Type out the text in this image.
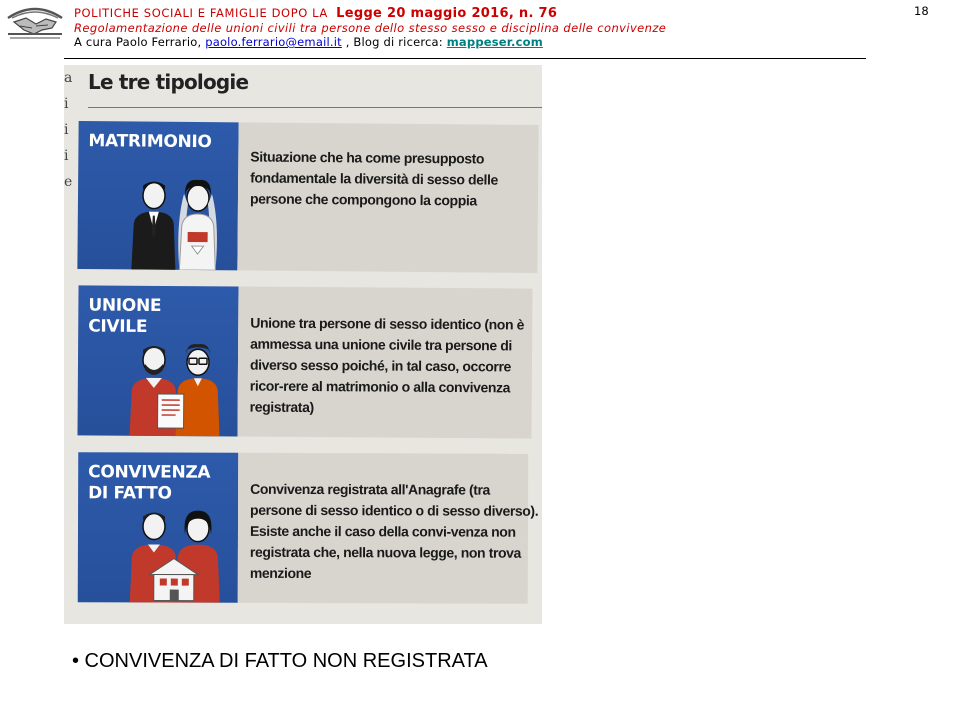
POLITICHE SOCIALI E FAMIGLIE DOPO LA Legge 20 maggio 2016, n. 76
Regolamentazione delle unioni civili tra persone dello stesso sesso e disciplina delle convivenze
A cura Paolo Ferrario, paolo.ferrario@email.it , Blog di ricerca: mappeser.com
18
a
i
i
i
e
Le tre tipologie
MATRIMONIO
Situazione che ha come presupposto fondamentale la diversità di sesso delle persone che compongono la coppia
UNIONE
CIVILE	Unione tra persone di sesso identico (non è ammessa una unione civile tra persone di diverso sesso poiché, in tal caso, occorre ricor-rere al matrimonio o alla convivenza registrata)
CONVIVENZA
DI FATTO	Convivenza registrata all'Anagrafe (tra persone di sesso identico o di sesso diverso). Esiste anche il caso della convi-venza non registrata che, nella nuova legge, non trova menzione
• CONVIVENZA DI FATTO NON REGISTRATA
